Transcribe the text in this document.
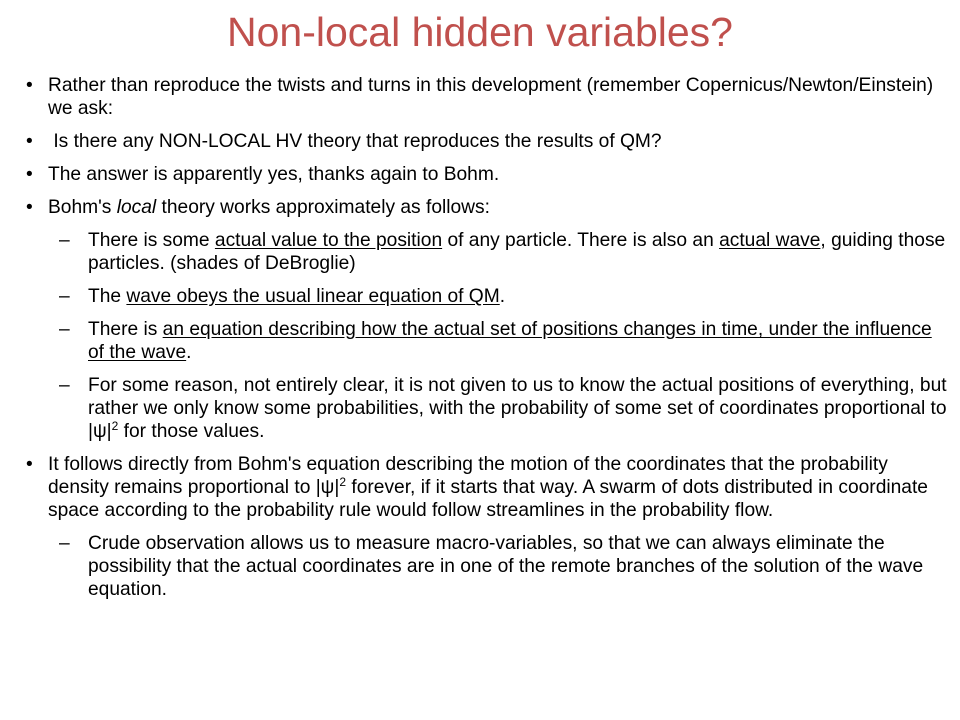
Non-local hidden variables?
• Rather than reproduce the twists and turns in this development (remember Copernicus/Newton/Einstein) we ask:
• Is there any NON-LOCAL HV theory that reproduces the results of QM?
• The answer is apparently yes, thanks again to Bohm.
• Bohm's local theory works approximately as follows:
– There is some actual value to the position of any particle. There is also an actual wave, guiding those particles. (shades of DeBroglie)
– The wave obeys the usual linear equation of QM.
– There is an equation describing how the actual set of positions changes in time, under the influence of the wave.
– For some reason, not entirely clear, it is not given to us to know the actual positions of everything, but rather we only know some probabilities, with the probability of some set of coordinates proportional to $|\psi|^2$ for those values.
• It follows directly from Bohm's equation describing the motion of the coordinates that the probability density remains proportional to $|\psi|^2$ forever, if it starts that way. A swarm of dots distributed in coordinate space according to the probability rule would follow streamlines in the probability flow.
– Crude observation allows us to measure macro-variables, so that we can always eliminate the possibility that the actual coordinates are in one of the remote branches of the solution of the wave equation.
